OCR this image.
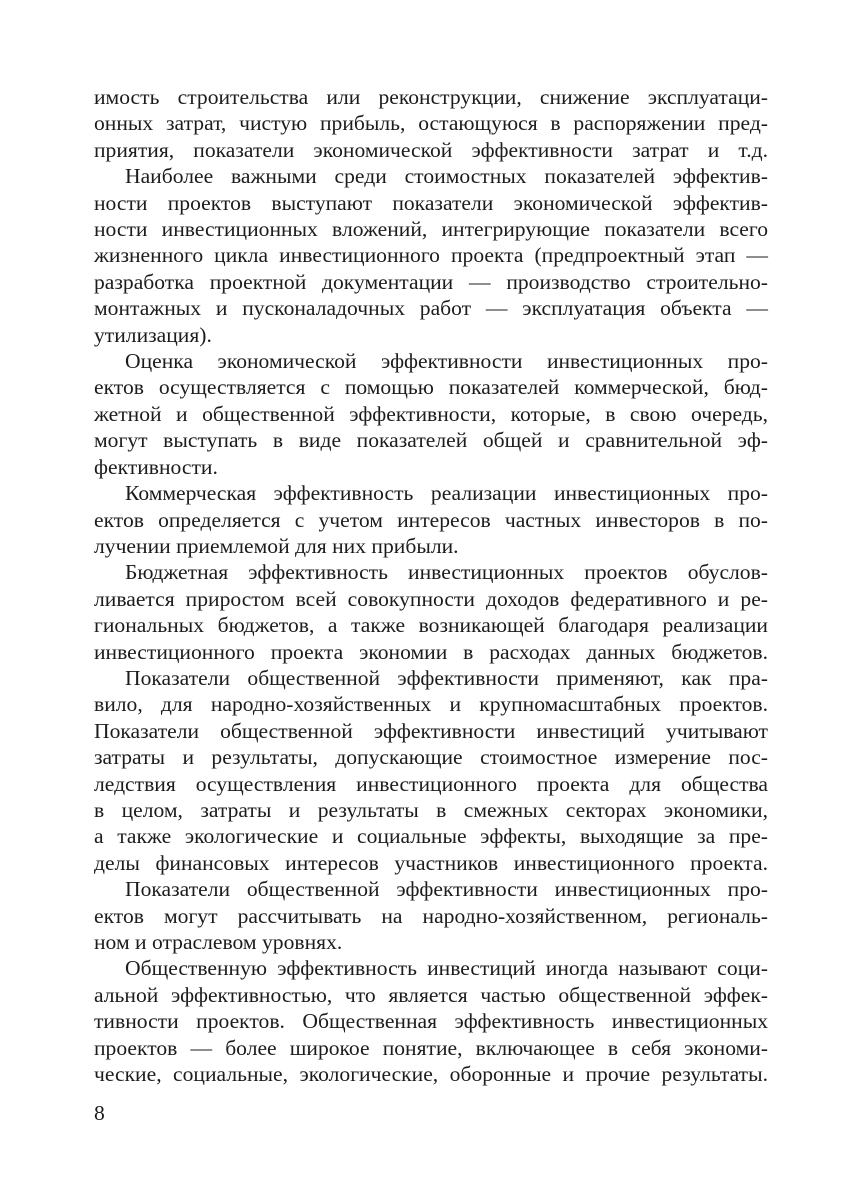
имость строительства или реконструкции, снижение эксплуатаци-
онных затрат, чистую прибыль, остающуюся в распоряжении пред-
приятия, показатели экономической эффективности затрат и т.д.

Наиболее важными среди стоимостных показателей эффектив-
ности проектов выступают показатели экономической эффектив-
ности инвестиционных вложений, интегрирующие показатели всего
жизненного цикла инвестиционного проекта (предпроектный этап —
разработка проектной документации — производство строительно-
монтажных и пусконаладочных работ — эксплуатация объекта —
утилизация).

Оценка экономической эффективности инвестиционных про-
ектов осуществляется с помощью показателей коммерческой, бюд-
жетной и общественной эффективности, которые, в свою очередь,
могут выступать в виде показателей общей и сравнительной эф-
фективности.

Коммерческая эффективность реализации инвестиционных про-
ектов определяется с учетом интересов частных инвесторов в по-
лучении приемлемой для них прибыли.

Бюджетная эффективность инвестиционных проектов обуслов-
ливается приростом всей совокупности доходов федеративного и ре-
гиональных бюджетов, а также возникающей благодаря реализации
инвестиционного проекта экономии в расходах данных бюджетов.

Показатели общественной эффективности применяют, как пра-
вило, для народно-хозяйственных и крупномасштабных проектов.
Показатели общественной эффективности инвестиций учитывают
затраты и результаты, допускающие стоимостное измерение пос-
ледствия осуществления инвестиционного проекта для общества
в целом, затраты и результаты в смежных секторах экономики,
а также экологические и социальные эффекты, выходящие за пре-
делы финансовых интересов участников инвестиционного проекта.

Показатели общественной эффективности инвестиционных про-
ектов могут рассчитывать на народно-хозяйственном, региональ-
ном и отраслевом уровнях.

Общественную эффективность инвестиций иногда называют соци-
альной эффективностью, что является частью общественной эффек-
тивности проектов. Общественная эффективность инвестиционных
проектов — более широкое понятие, включающее в себя экономи-
ческие, социальные, экологические, оборонные и прочие результаты.

8
